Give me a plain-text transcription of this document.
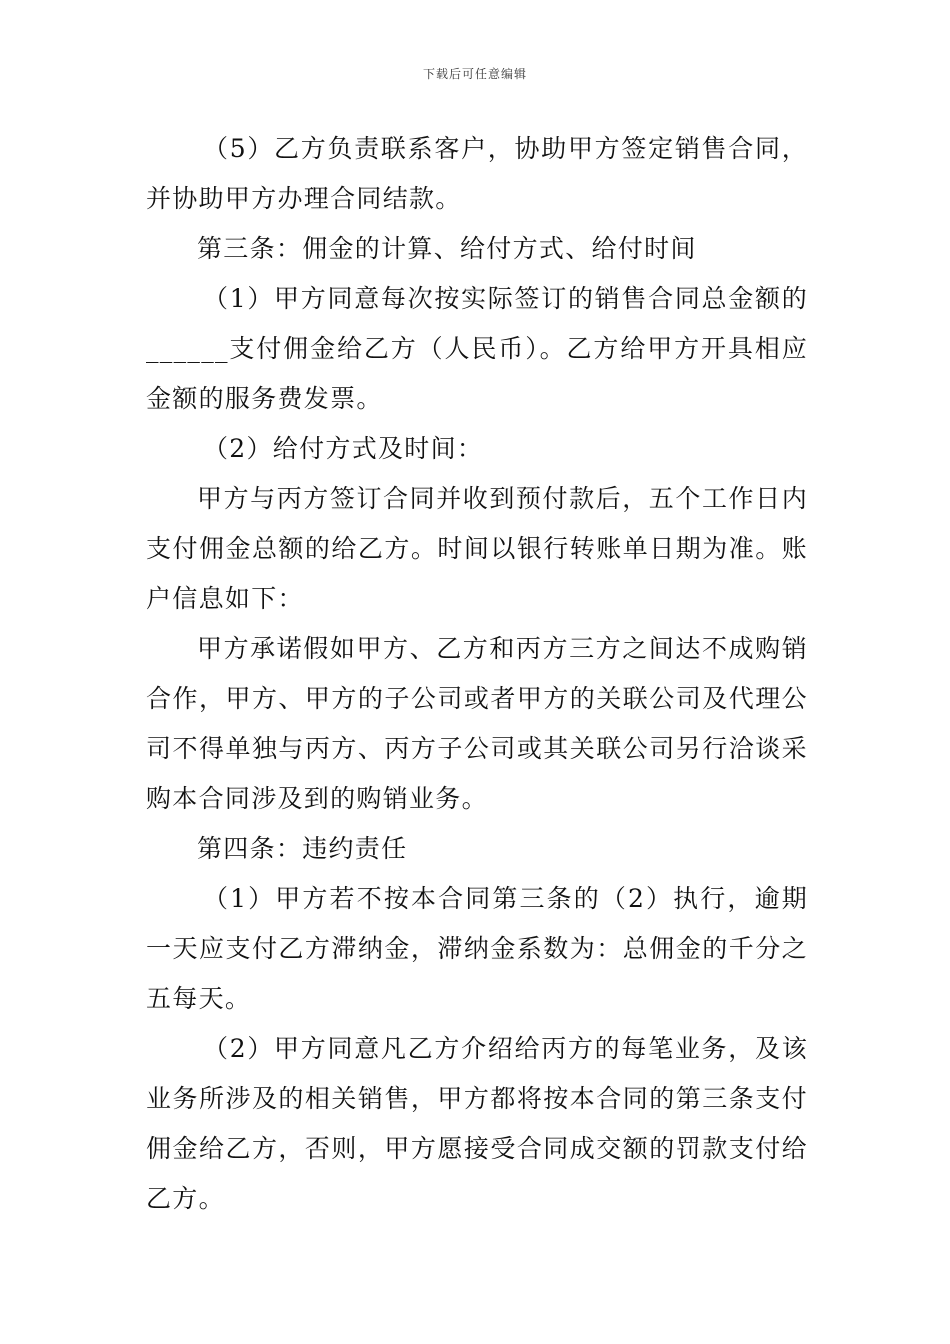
下载后可任意编辑

（5）乙方负责联系客户，协助甲方签定销售合同，并协助甲方办理合同结款。

第三条：佣金的计算、给付方式、给付时间

（1）甲方同意每次按实际签订的销售合同总金额的______支付佣金给乙方（人民币）。乙方给甲方开具相应金额的服务费发票。

（2）给付方式及时间：

甲方与丙方签订合同并收到预付款后，五个工作日内支付佣金总额的给乙方。时间以银行转账单日期为准。账户信息如下：

甲方承诺假如甲方、乙方和丙方三方之间达不成购销合作，甲方、甲方的子公司或者甲方的关联公司及代理公司不得单独与丙方、丙方子公司或其关联公司另行洽谈采购本合同涉及到的购销业务。

第四条：违约责任

（1）甲方若不按本合同第三条的（2）执行，逾期一天应支付乙方滞纳金，滞纳金系数为：总佣金的千分之五每天。

（2）甲方同意凡乙方介绍给丙方的每笔业务，及该业务所涉及的相关销售，甲方都将按本合同的第三条支付佣金给乙方，否则，甲方愿接受合同成交额的罚款支付给乙方。
